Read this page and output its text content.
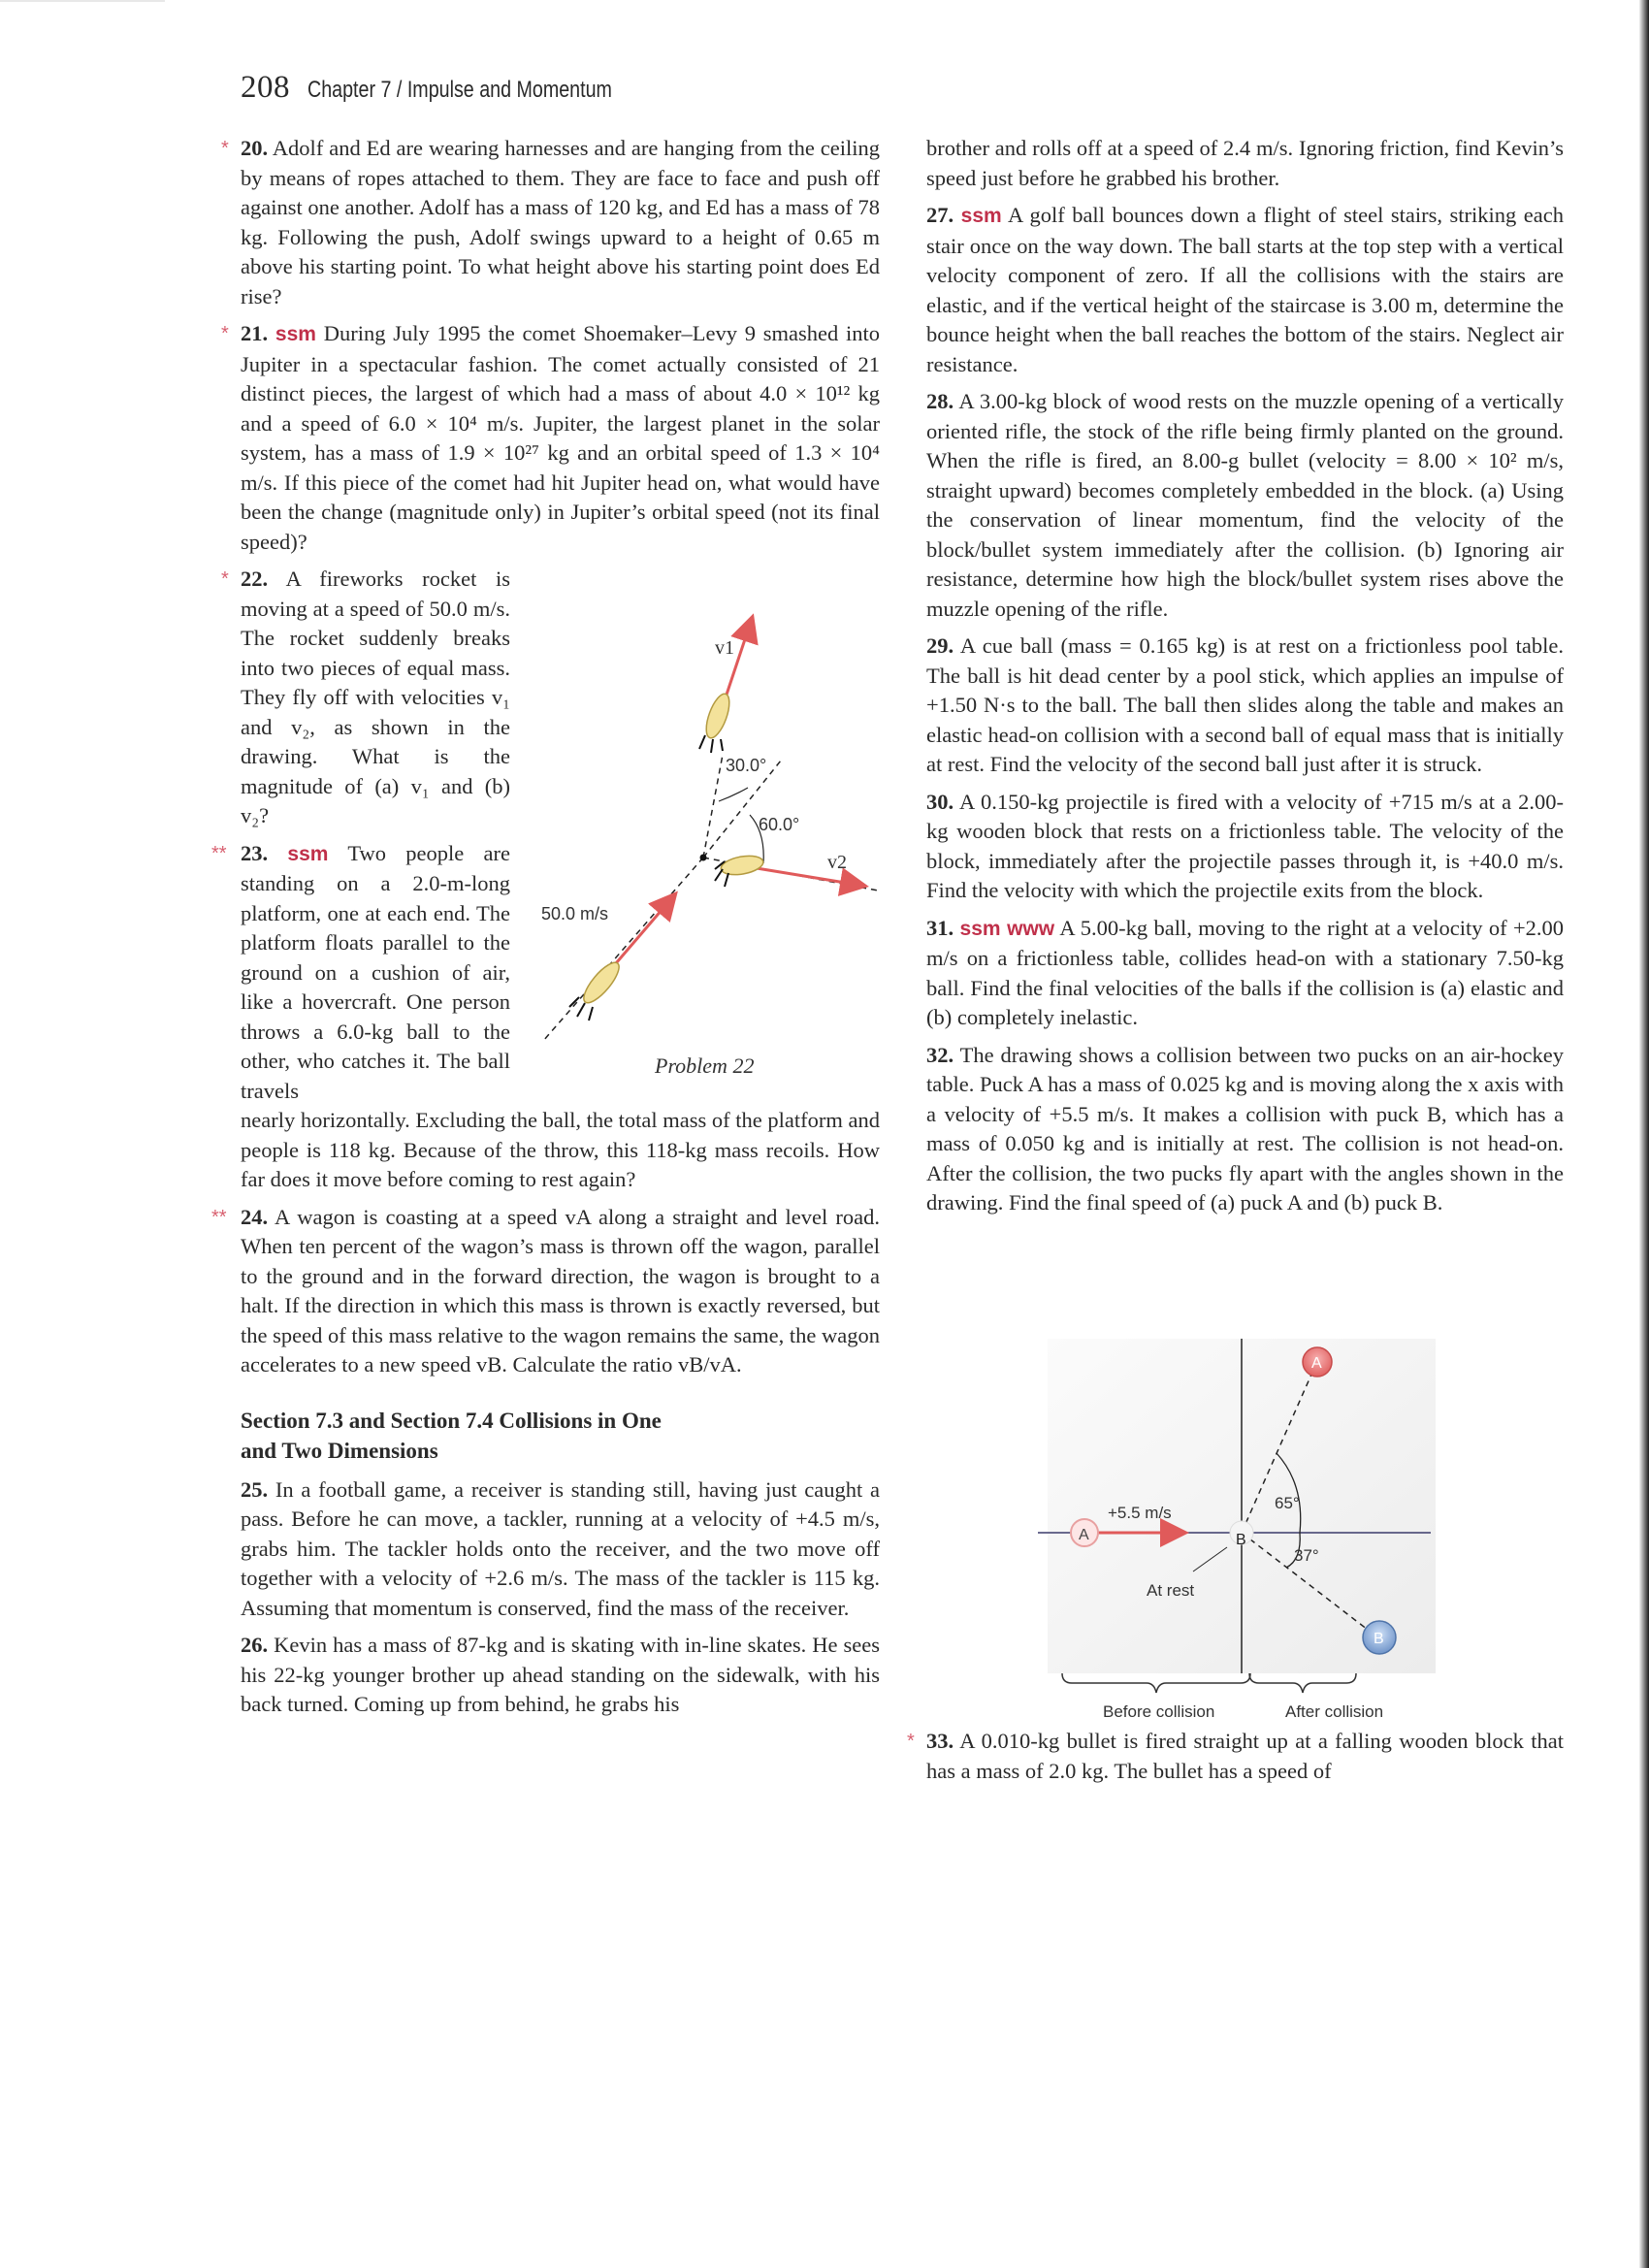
208 Chapter 7 / Impulse and Momentum

* 20. Adolf and Ed are wearing harnesses and are hanging from the ceiling by means of ropes attached to them. They are face to face and push off against one another. Adolf has a mass of 120 kg, and Ed has a mass of 78 kg. Following the push, Adolf swings upward to a height of 0.65 m above his starting point. To what height above his starting point does Ed rise?

* 21. ssm During July 1995 the comet Shoemaker–Levy 9 smashed into Jupiter in a spectacular fashion. The comet actually consisted of 21 distinct pieces, the largest of which had a mass of about 4.0 × 10¹² kg and a speed of 6.0 × 10⁴ m/s. Jupiter, the largest planet in the solar system, has a mass of 1.9 × 10²⁷ kg and an orbital speed of 1.3 × 10⁴ m/s. If this piece of the comet had hit Jupiter head on, what would have been the change (magnitude only) in Jupiter’s orbital speed (not its final speed)?

* 22. A fireworks rocket is moving at a speed of 50.0 m/s. The rocket suddenly breaks into two pieces of equal mass. They fly off with velocities v₁ and v₂, as shown in the drawing. What is the magnitude of (a) v₁ and (b) v₂?

** 23. ssm Two people are standing on a 2.0-m-long platform, one at each end. The platform floats parallel to the ground on a cushion of air, like a hovercraft. One person throws a 6.0-kg ball to the other, who catches it. The ball travels
nearly horizontally. Excluding the ball, the total mass of the platform and people is 118 kg. Because of the throw, this 118-kg mass recoils. How far does it move before coming to rest again?

** 24. A wagon is coasting at a speed vA along a straight and level road. When ten percent of the wagon’s mass is thrown off the wagon, parallel to the ground and in the forward direction, the wagon is brought to a halt. If the direction in which this mass is thrown is exactly reversed, but the speed of this mass relative to the wagon remains the same, the wagon accelerates to a new speed vB. Calculate the ratio vB/vA.

Section 7.3 and Section 7.4 Collisions in One
and Two Dimensions

25. In a football game, a receiver is standing still, having just caught a pass. Before he can move, a tackler, running at a velocity of +4.5 m/s, grabs him. The tackler holds onto the receiver, and the two move off together with a velocity of +2.6 m/s. The mass of the tackler is 115 kg. Assuming that momentum is conserved, find the mass of the receiver.

26. Kevin has a mass of 87-kg and is skating with in-line skates. He sees his 22-kg younger brother up ahead standing on the sidewalk, with his back turned. Coming up from behind, he grabs his

v1
v2
30.0°
60.0°
50.0 m/s
Problem 22

brother and rolls off at a speed of 2.4 m/s. Ignoring friction, find Kevin’s speed just before he grabbed his brother.

27. ssm A golf ball bounces down a flight of steel stairs, striking each stair once on the way down. The ball starts at the top step with a vertical velocity component of zero. If all the collisions with the stairs are elastic, and if the vertical height of the staircase is 3.00 m, determine the bounce height when the ball reaches the bottom of the stairs. Neglect air resistance.

28. A 3.00-kg block of wood rests on the muzzle opening of a vertically oriented rifle, the stock of the rifle being firmly planted on the ground. When the rifle is fired, an 8.00-g bullet (velocity = 8.00 × 10² m/s, straight upward) becomes completely embedded in the block. (a) Using the conservation of linear momentum, find the velocity of the block/bullet system immediately after the collision. (b) Ignoring air resistance, determine how high the block/bullet system rises above the muzzle opening of the rifle.

29. A cue ball (mass = 0.165 kg) is at rest on a frictionless pool table. The ball is hit dead center by a pool stick, which applies an impulse of +1.50 N·s to the ball. The ball then slides along the table and makes an elastic head-on collision with a second ball of equal mass that is initially at rest. Find the velocity of the second ball just after it is struck.

30. A 0.150-kg projectile is fired with a velocity of +715 m/s at a 2.00-kg wooden block that rests on a frictionless table. The velocity of the block, immediately after the projectile passes through it, is +40.0 m/s. Find the velocity with which the projectile exits from the block.

31. ssm www A 5.00-kg ball, moving to the right at a velocity of +2.00 m/s on a frictionless table, collides head-on with a stationary 7.50-kg ball. Find the final velocities of the balls if the collision is (a) elastic and (b) completely inelastic.

32. The drawing shows a collision between two pucks on an air-hockey table. Puck A has a mass of 0.025 kg and is moving along the x axis with a velocity of +5.5 m/s. It makes a collision with puck B, which has a mass of 0.050 kg and is initially at rest. The collision is not head-on. After the collision, the two pucks fly apart with the angles shown in the drawing. Find the final speed of (a) puck A and (b) puck B.

A	B
A
B
+5.5 m/s
At rest
65°
37°
Before collision	After collision

* 33. A 0.010-kg bullet is fired straight up at a falling wooden block that has a mass of 2.0 kg. The bullet has a speed of
